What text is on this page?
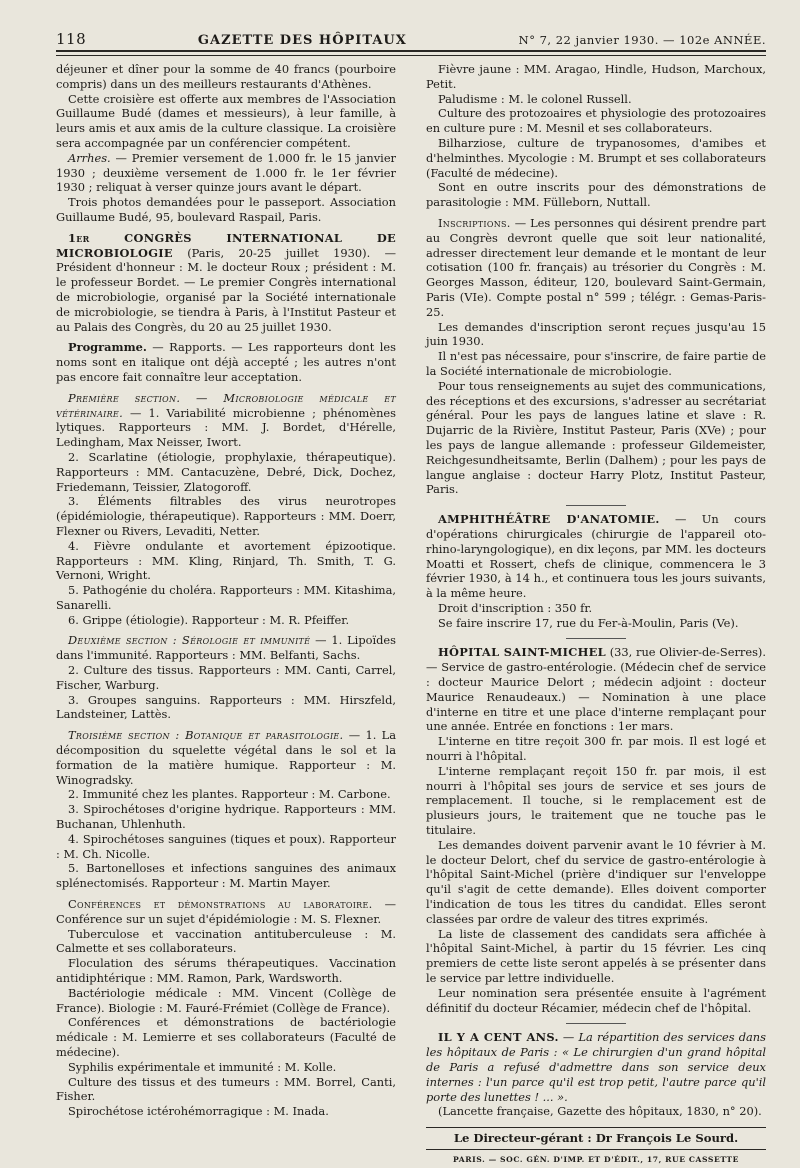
118	GAZETTE DES HÔPITAUX	N° 7, 22 janvier 1930. — 102e ANNÉE.

déjeuner et dîner pour la somme de 40 francs (pourboire compris) dans un des meilleurs restaurants d'Athènes.

Cette croisière est offerte aux membres de l'Association Guillaume Budé (dames et messieurs), à leur famille, à leurs amis et aux amis de la culture classique. La croisière sera accompagnée par un conférencier compétent.

Arrhes. — Premier versement de 1.000 fr. le 15 janvier 1930 ; deuxième versement de 1.000 fr. le 1er février 1930 ; reliquat à verser quinze jours avant le départ.

Trois photos demandées pour le passeport. Association Guillaume Budé, 95, boulevard Raspail, Paris.

1er CONGRÈS INTERNATIONAL DE MICROBIOLOGIE (Paris, 20-25 juillet 1930). — Président d'honneur : M. le docteur Roux ; président : M. le professeur Bordet. — Le premier Congrès international de microbiologie, organisé par la Société internationale de microbiologie, se tiendra à Paris, à l'Institut Pasteur et au Palais des Congrès, du 20 au 25 juillet 1930.

Programme. — Rapports. — Les rapporteurs dont les noms sont en italique ont déjà accepté ; les autres n'ont pas encore fait connaître leur acceptation.

Première section. — Microbiologie médicale et vétérinaire. — 1. Variabilité microbienne ; phénomènes lytiques. Rapporteurs : MM. J. Bordet, d'Hérelle, Ledingham, Max Neisser, Iwort.

2. Scarlatine (étiologie, prophylaxie, thérapeutique). Rapporteurs : MM. Cantacuzène, Debré, Dick, Dochez, Friedemann, Teissier, Zlatogoroff.

3. Éléments filtrables des virus neurotropes (épidémiologie, thérapeutique). Rapporteurs : MM. Doerr, Flexner ou Rivers, Levaditi, Netter.

4. Fièvre ondulante et avortement épizootique. Rapporteurs : MM. Kling, Rinjard, Th. Smith, T. G. Vernoni, Wright.

5. Pathogénie du choléra. Rapporteurs : MM. Kitashima, Sanarelli.

6. Grippe (étiologie). Rapporteur : M. R. Pfeiffer.

Deuxième section : Sérologie et immunité — 1. Lipoïdes dans l'immunité. Rapporteurs : MM. Belfanti, Sachs.

2. Culture des tissus. Rapporteurs : MM. Canti, Carrel, Fischer, Warburg.

3. Groupes sanguins. Rapporteurs : MM. Hirszfeld, Landsteiner, Lattès.

Troisième section : Botanique et parasitologie. — 1. La décomposition du squelette végétal dans le sol et la formation de la matière humique. Rapporteur : M. Winogradsky.

2. Immunité chez les plantes. Rapporteur : M. Carbone.

3. Spirochétoses d'origine hydrique. Rapporteurs : MM. Buchanan, Uhlenhuth.

4. Spirochétoses sanguines (tiques et poux). Rapporteur : M. Ch. Nicolle.

5. Bartonelloses et infections sanguines des animaux splénectomisés. Rapporteur : M. Martin Mayer.

Conférences et démonstrations au laboratoire. — Conférence sur un sujet d'épidémiologie : M. S. Flexner.

Tuberculose et vaccination antituberculeuse : M. Calmette et ses collaborateurs.

Floculation des sérums thérapeutiques. Vaccination antidiphtérique : MM. Ramon, Park, Wardsworth.

Bactériologie médicale : MM. Vincent (Collège de France). Biologie : M. Fauré-Frémiet (Collège de France).

Conférences et démonstrations de bactériologie médicale : M. Lemierre et ses collaborateurs (Faculté de médecine).

Syphilis expérimentale et immunité : M. Kolle.

Culture des tissus et des tumeurs : MM. Borrel, Canti, Fisher.

Spirochétose ictérohémorragique : M. Inada.

Fièvre jaune : MM. Aragao, Hindle, Hudson, Marchoux, Petit.

Paludisme : M. le colonel Russell.

Culture des protozoaires et physiologie des protozoaires en culture pure : M. Mesnil et ses collaborateurs.

Bilharziose, culture de trypanosomes, d'amibes et d'helminthes. Mycologie : M. Brumpt et ses collaborateurs (Faculté de médecine).

Sont en outre inscrits pour des démonstrations de parasitologie : MM. Fülleborn, Nuttall.

Inscriptions. — Les personnes qui désirent prendre part au Congrès devront quelle que soit leur nationalité, adresser directement leur demande et le montant de leur cotisation (100 fr. français) au trésorier du Congrès : M. Georges Masson, éditeur, 120, boulevard Saint-Germain, Paris (VIe). Compte postal n° 599 ; télégr. : Gemas-Paris-25.

Les demandes d'inscription seront reçues jusqu'au 15 juin 1930.

Il n'est pas nécessaire, pour s'inscrire, de faire partie de la Société internationale de microbiologie.

Pour tous renseignements au sujet des communications, des réceptions et des excursions, s'adresser au secrétariat général. Pour les pays de langues latine et slave : R. Dujarric de la Rivière, Institut Pasteur, Paris (XVe) ; pour les pays de langue allemande : professeur Gildemeister, Reichgesundheitsamte, Berlin (Dalhem) ; pour les pays de langue anglaise : docteur Harry Plotz, Institut Pasteur, Paris.

AMPHITHÉÂTRE D'ANATOMIE. — Un cours d'opérations chirurgicales (chirurgie de l'appareil oto-rhino-laryngologique), en dix leçons, par MM. les docteurs Moatti et Rossert, chefs de clinique, commencera le 3 février 1930, à 14 h., et continuera tous les jours suivants, à la même heure.

Droit d'inscription : 350 fr.

Se faire inscrire 17, rue du Fer-à-Moulin, Paris (Ve).

HÔPITAL SAINT-MICHEL (33, rue Olivier-de-Serres). — Service de gastro-entérologie. (Médecin chef de service : docteur Maurice Delort ; médecin adjoint : docteur Maurice Renaudeaux.) — Nomination à une place d'interne en titre et une place d'interne remplaçant pour une année. Entrée en fonctions : 1er mars.

L'interne en titre reçoit 300 fr. par mois. Il est logé et nourri à l'hôpital.

L'interne remplaçant reçoit 150 fr. par mois, il est nourri à l'hôpital ses jours de service et ses jours de remplacement. Il touche, si le remplacement est de plusieurs jours, le traitement que ne touche pas le titulaire.

Les demandes doivent parvenir avant le 10 février à M. le docteur Delort, chef du service de gastro-entérologie à l'hôpital Saint-Michel (prière d'indiquer sur l'enveloppe qu'il s'agit de cette demande). Elles doivent comporter l'indication de tous les titres du candidat. Elles seront classées par ordre de valeur des titres exprimés.

La liste de classement des candidats sera affichée à l'hôpital Saint-Michel, à partir du 15 février. Les cinq premiers de cette liste seront appelés à se présenter dans le service par lettre individuelle.

Leur nomination sera présentée ensuite à l'agrément définitif du docteur Récamier, médecin chef de l'hôpital.

IL Y A CENT ANS. — La répartition des services dans les hôpitaux de Paris : « Le chirurgien d'un grand hôpital de Paris a refusé d'admettre dans son service deux internes : l'un parce qu'il est trop petit, l'autre parce qu'il porte des lunettes ! ... ».

(Lancette française, Gazette des hôpitaux, 1830, n° 20).

Le Directeur-gérant : Dr François Le Sourd.
PARIS. — SOC. GÉN. D'IMP. ET D'ÉDIT., 17, RUE CASSETTE
